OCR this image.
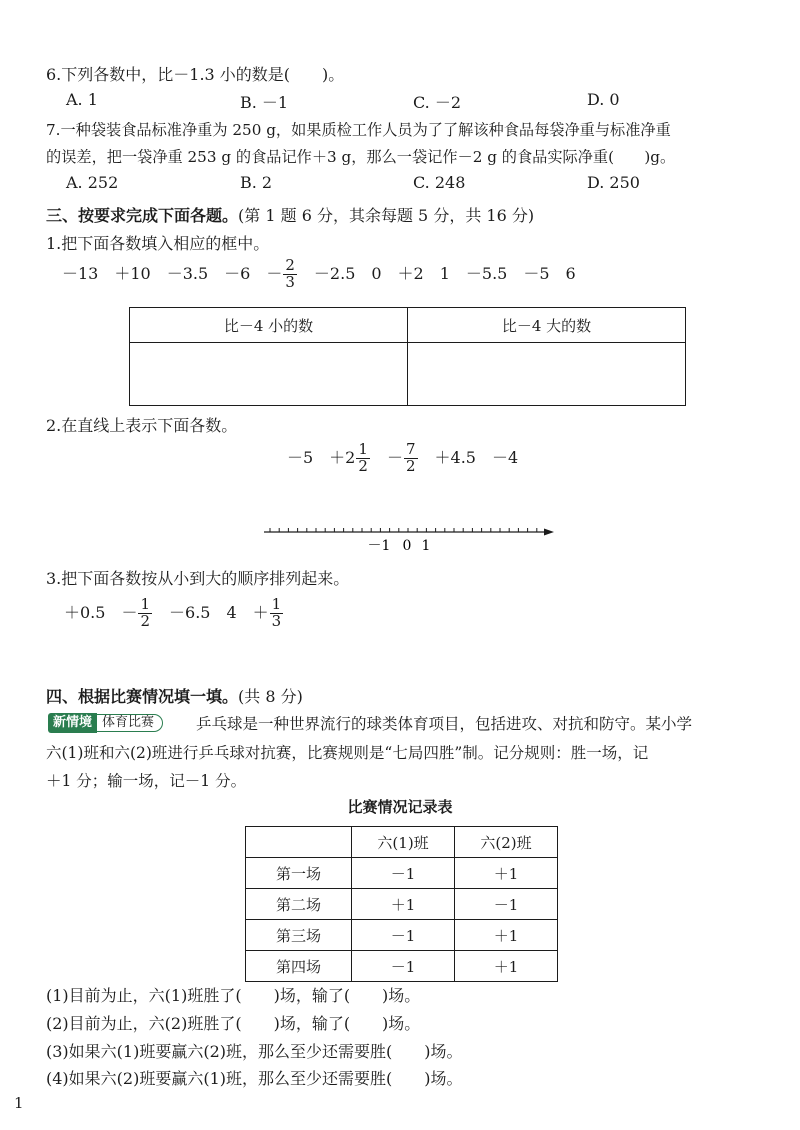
6.下列各数中，比－1.3 小的数是(　　)。
A. 1	B. －1	C. －2	D. 0
7.一种袋装食品标准净重为 250 g，如果质检工作人员为了了解该种食品每袋净重与标准净重
的误差，把一袋净重 253 g 的食品记作＋3 g，那么一袋记作－2 g 的食品实际净重(　　)g。
A. 252	B. 2	C. 248	D. 250
三、按要求完成下面各题。(第 1 题 6 分，其余每题 5 分，共 16 分)
1.把下面各数填入相应的框中。
－13　＋10　－3.5　－6　－ $\frac{2}{3}$
　 －2.5　0　＋2　1　－5.5　－5　6
比－4 小的数	比－4 大的数

2.在直线上表示下面各数。
－5　$+2 \frac{1}{2}$
　 － $\frac{7}{2}$
　 ＋4.5　－4
－1 0 1
3.把下面各数按从小到大的顺序排列起来。
＋0.5　－ $\frac{1}{2}$
　 －6.5　4　＋ $\frac{1}{3}$
四、根据比赛情况填一填。(共 8 分)
新情境 体育比赛	乒乓球是一种世界流行的球类体育项目，包括进攻、对抗和防守。某小学
六(1)班和六(2)班进行乒乓球对抗赛，比赛规则是“七局四胜”制。记分规则：胜一场，记
＋1 分；输一场，记－1 分。
比赛情况记录表
	六(1)班	六(2)班
第一场	－1	＋1
第二场	＋1	－1
第三场	－1	＋1
第四场	－1	＋1
(1)目前为止，六(1)班胜了(　　)场，输了(　　)场。
(2)目前为止，六(2)班胜了(　　)场，输了(　　)场。
(3)如果六(1)班要赢六(2)班，那么至少还需要胜(　　)场。
(4)如果六(2)班要赢六(1)班，那么至少还需要胜(　　)场。
1
